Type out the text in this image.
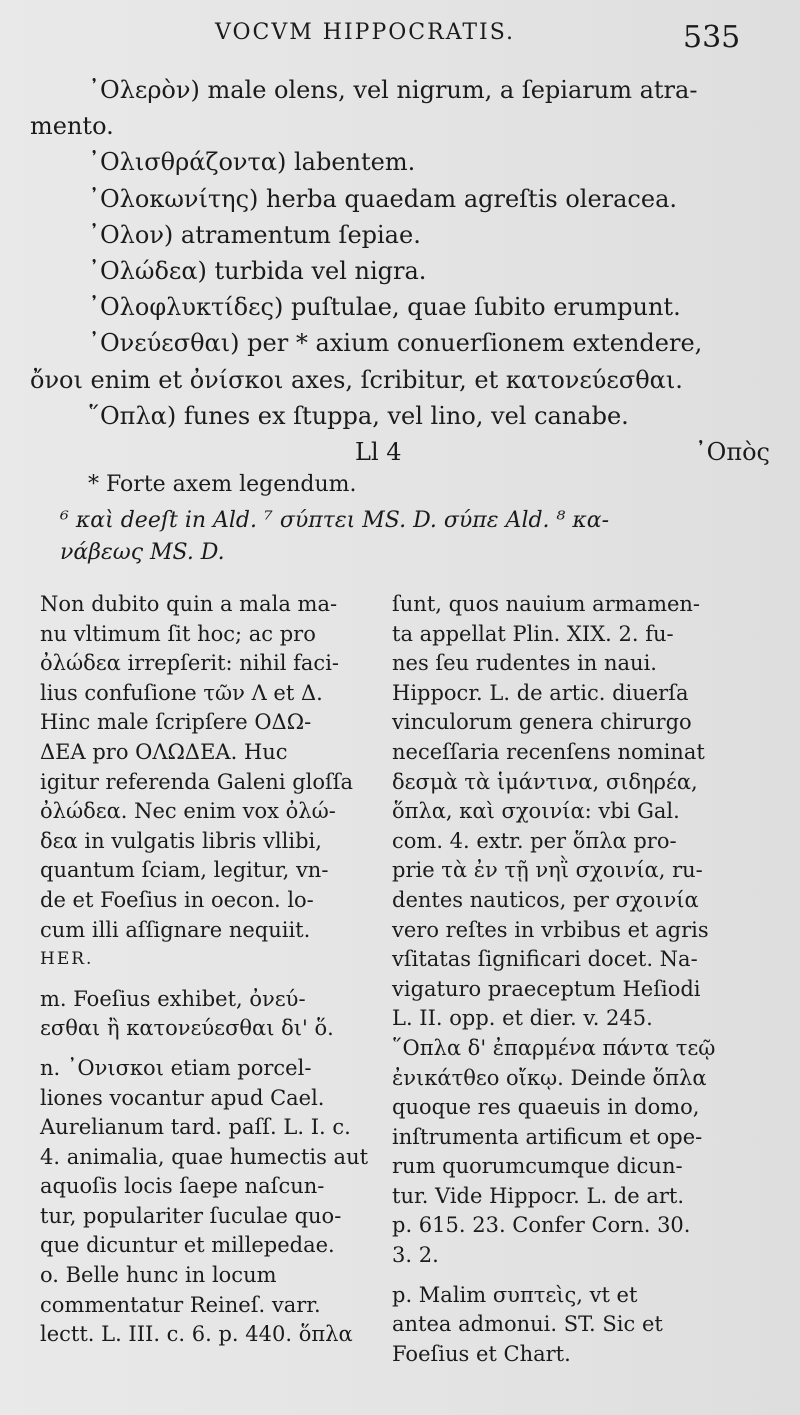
VOCVM HIPPOCRATIS.	535

᾿Ολερὸν) male olens, vel nigrum, a ſepiarum atra-

mento.

᾿Ολισθράζοντα) labentem.

᾿Ολοκωνίτης) herba quaedam agreſtis oleracea.

᾿Ολον) atramentum ſepiae.

᾿Ολώδεα) turbida vel nigra.

᾿Ολοφλυκτίδες) puſtulae, quae ſubito erumpunt.

᾿Ονεύεσθαι) per * axium conuerſionem extendere,

ὄνοι enim et ὀνίσκοι axes, ſcribitur, et κατονεύεσθαι.

῞Οπλα) funes ex ſtuppa, vel lino, vel canabe.

Ll 4	᾿Οπὸς

* Forte axem legendum.

⁶ καὶ deeſt in Ald. ⁷ σύπτει MS. D. σύπε Ald. ⁸ κα-

νάβεως MS. D.

Non dubito quin a mala ma-

nu vltimum ſit hoc; ac pro

ὀλώδεα irrepſerit: nihil faci-

lius confuſione τῶν Λ et Δ.

Hinc male ſcripſere ΟΔΩ-

ΔΕΑ pro ΟΛΩΔΕΑ. Huc

igitur referenda Galeni gloſſa

ὀλώδεα. Nec enim vox ὀλώ-

δεα in vulgatis libris vllibi,

quantum ſciam, legitur, vn-

de et Foeſius in oecon. lo-

cum illi aſſignare nequiit.

HER.

m. Foeſius exhibet, ὀνεύ-

εσθαι ἢ κατονεύεσθαι δι' ὅ.

n. ᾿Ονισκοι etiam porcel-

liones vocantur apud Cael.

Aurelianum tard. paſſ. L. I. c.

4. animalia, quae humectis aut

aquoſis locis ſaepe naſcun-

tur, populariter ſuculae quo-

que dicuntur et millepedae.

o. Belle hunc in locum

commentatur Reineſ. varr.

lectt. L. III. c. 6. p. 440. ὅπλα

ſunt, quos nauium armamen-

ta appellat Plin. XIX. 2. fu-

nes ſeu rudentes in naui.

Hippocr. L. de artic. diuerſa

vinculorum genera chirurgo

neceſſaria recenſens nominat

δεσμὰ τὰ ἱμάντινα, σιδηρέα,

ὅπλα, καὶ σχοινία: vbi Gal.

com. 4. extr. per ὅπλα pro-

prie τὰ ἐν τῇ νηῒ σχοινία, ru-

dentes nauticos, per σχοινία

vero reſtes in vrbibus et agris

vſitatas ſignificari docet. Na-

vigaturo praeceptum Heſiodi

L. II. opp. et dier. v. 245.

῞Οπλα δ' ἐπαρμένα πάντα τεῷ

ἐνικάτθεο οἴκῳ. Deinde ὅπλα

quoque res quaeuis in domo,

inſtrumenta artificum et ope-

rum quorumcumque dicun-

tur. Vide Hippocr. L. de art.

p. 615. 23. Confer Corn. 30.

3. 2.

p. Malim συπτεὶς, vt et

antea admonui. ST. Sic et

Foeſius et Chart.
